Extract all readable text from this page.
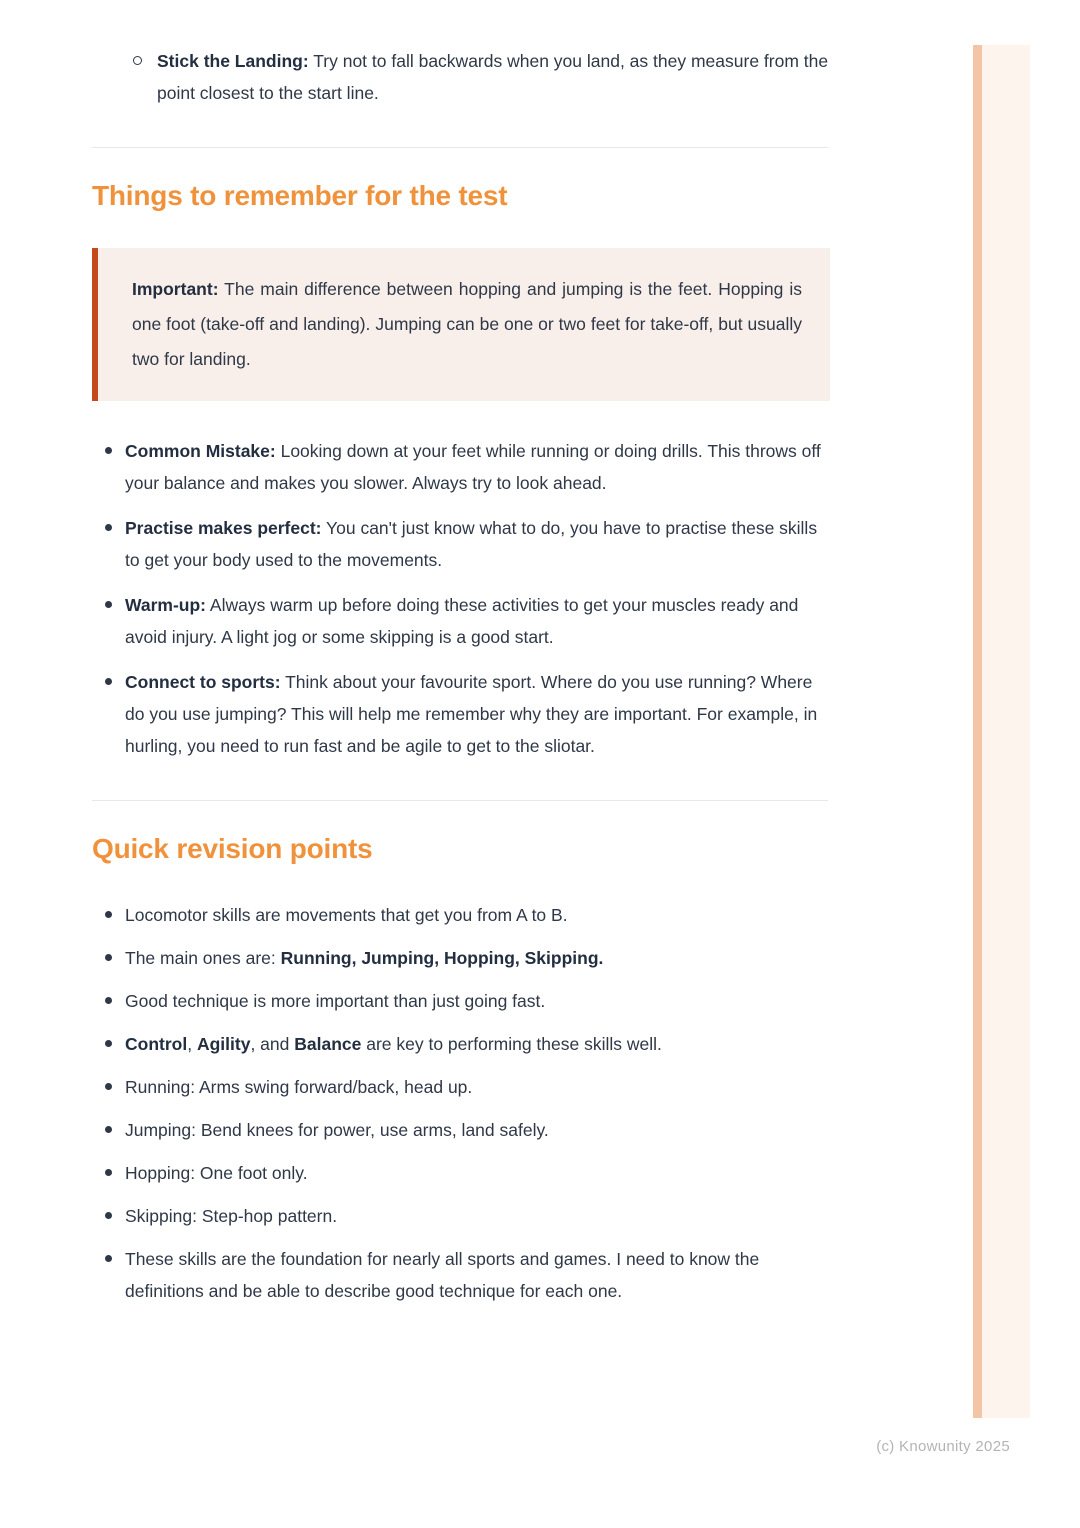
Stick the Landing: Try not to fall backwards when you land, as they measure from the point closest to the start line.
Things to remember for the test
Important: The main difference between hopping and jumping is the feet. Hopping is one foot (take-off and landing). Jumping can be one or two feet for take-off, but usually two for landing.
Common Mistake: Looking down at your feet while running or doing drills. This throws off your balance and makes you slower. Always try to look ahead.
Practise makes perfect: You can't just know what to do, you have to practise these skills to get your body used to the movements.
Warm-up: Always warm up before doing these activities to get your muscles ready and avoid injury. A light jog or some skipping is a good start.
Connect to sports: Think about your favourite sport. Where do you use running? Where do you use jumping? This will help me remember why they are important. For example, in hurling, you need to run fast and be agile to get to the sliotar.
Quick revision points
Locomotor skills are movements that get you from A to B.
The main ones are: Running, Jumping, Hopping, Skipping.
Good technique is more important than just going fast.
Control, Agility, and Balance are key to performing these skills well.
Running: Arms swing forward/back, head up.
Jumping: Bend knees for power, use arms, land safely.
Hopping: One foot only.
Skipping: Step-hop pattern.
These skills are the foundation for nearly all sports and games. I need to know the definitions and be able to describe good technique for each one.
(c) Knowunity 2025
